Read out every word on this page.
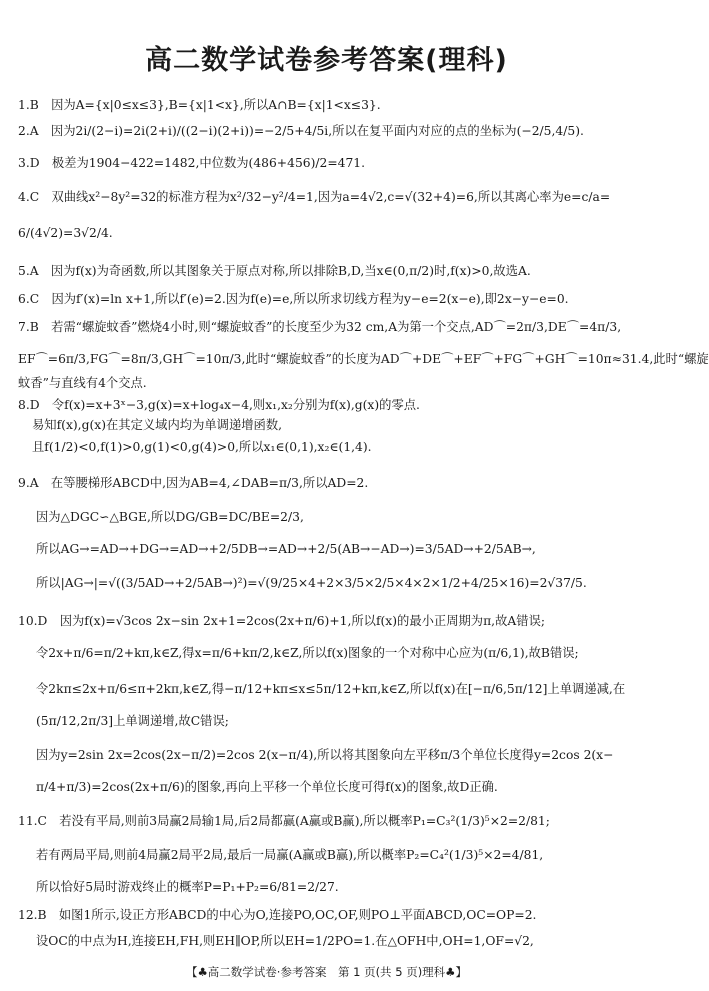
高二数学试卷参考答案(理科)
1.B　因为A={x|0≤x≤3},B={x|1<x},所以A∩B={x|1<x≤3}.
2.A　因为2i/(2−i)=2i(2+i)/((2−i)(2+i))=−2/5+4/5i,所以在复平面内对应的点的坐标为(−2/5,4/5).
3.D　极差为1904−422=1482,中位数为(486+456)/2=471.
4.C　双曲线x²−8y²=32的标准方程为x²/32−y²/4=1,因为a=4√2,c=√(32+4)=6,所以其离心率为e=c/a=
6/(4√2)=3√2/4.
5.A　因为f(x)为奇函数,所以其图象关于原点对称,所以排除B,D,当x∈(0,π/2)时,f(x)>0,故选A.
6.C　因为f′(x)=ln x+1,所以f′(e)=2.因为f(e)=e,所以所求切线方程为y−e=2(x−e),即2x−y−e=0.
7.B　若需“螺旋蚊香”燃烧4小时,则“螺旋蚊香”的长度至少为32 cm,A为第一个交点,AD⌒=2π/3,DE⌒=4π/3,
EF⌒=6π/3,FG⌒=8π/3,GH⌒=10π/3,此时“螺旋蚊香”的长度为AD⌒+DE⌒+EF⌒+FG⌒+GH⌒=10π≈31.4,此时“螺旋
蚊香”与直线有4个交点.
8.D　令f(x)=x+3ˣ−3,g(x)=x+log₄x−4,则x₁,x₂分别为f(x),g(x)的零点.
易知f(x),g(x)在其定义域内均为单调递增函数,
且f(1/2)<0,f(1)>0,g(1)<0,g(4)>0,所以x₁∈(0,1),x₂∈(1,4).
9.A　在等腰梯形ABCD中,因为AB=4,∠DAB=π/3,所以AD=2.
因为△DGC∽△BGE,所以DG/GB=DC/BE=2/3,
所以AG→=AD→+DG→=AD→+2/5DB→=AD→+2/5(AB→−AD→)=3/5AD→+2/5AB→,
所以|AG→|=√((3/5AD→+2/5AB→)²)=√(9/25×4+2×3/5×2/5×4×2×1/2+4/25×16)=2√37/5.
10.D　因为f(x)=√3cos 2x−sin 2x+1=2cos(2x+π/6)+1,所以f(x)的最小正周期为π,故A错误;
令2x+π/6=π/2+kπ,k∈Z,得x=π/6+kπ/2,k∈Z,所以f(x)图象的一个对称中心应为(π/6,1),故B错误;
令2kπ≤2x+π/6≤π+2kπ,k∈Z,得−π/12+kπ≤x≤5π/12+kπ,k∈Z,所以f(x)在[−π/6,5π/12]上单调递减,在
(5π/12,2π/3]上单调递增,故C错误;
因为y=2sin 2x=2cos(2x−π/2)=2cos 2(x−π/4),所以将其图象向左平移π/3个单位长度得y=2cos 2(x−
π/4+π/3)=2cos(2x+π/6)的图象,再向上平移一个单位长度可得f(x)的图象,故D正确.
11.C　若没有平局,则前3局赢2局输1局,后2局都赢(A赢或B赢),所以概率P₁=C₃²(1/3)⁵×2=2/81;
若有两局平局,则前4局赢2局平2局,最后一局赢(A赢或B赢),所以概率P₂=C₄²(1/3)⁵×2=4/81,
所以恰好5局时游戏终止的概率P=P₁+P₂=6/81=2/27.
12.B　如图1所示,设正方形ABCD的中心为O,连接PO,OC,OF,则PO⊥平面ABCD,OC=OP=2.
设OC的中点为H,连接EH,FH,则EH∥OP,所以EH=1/2PO=1.在△OFH中,OH=1,OF=√2,
【♣高二数学试卷·参考答案　第 1 页(共 5 页)理科♣】
